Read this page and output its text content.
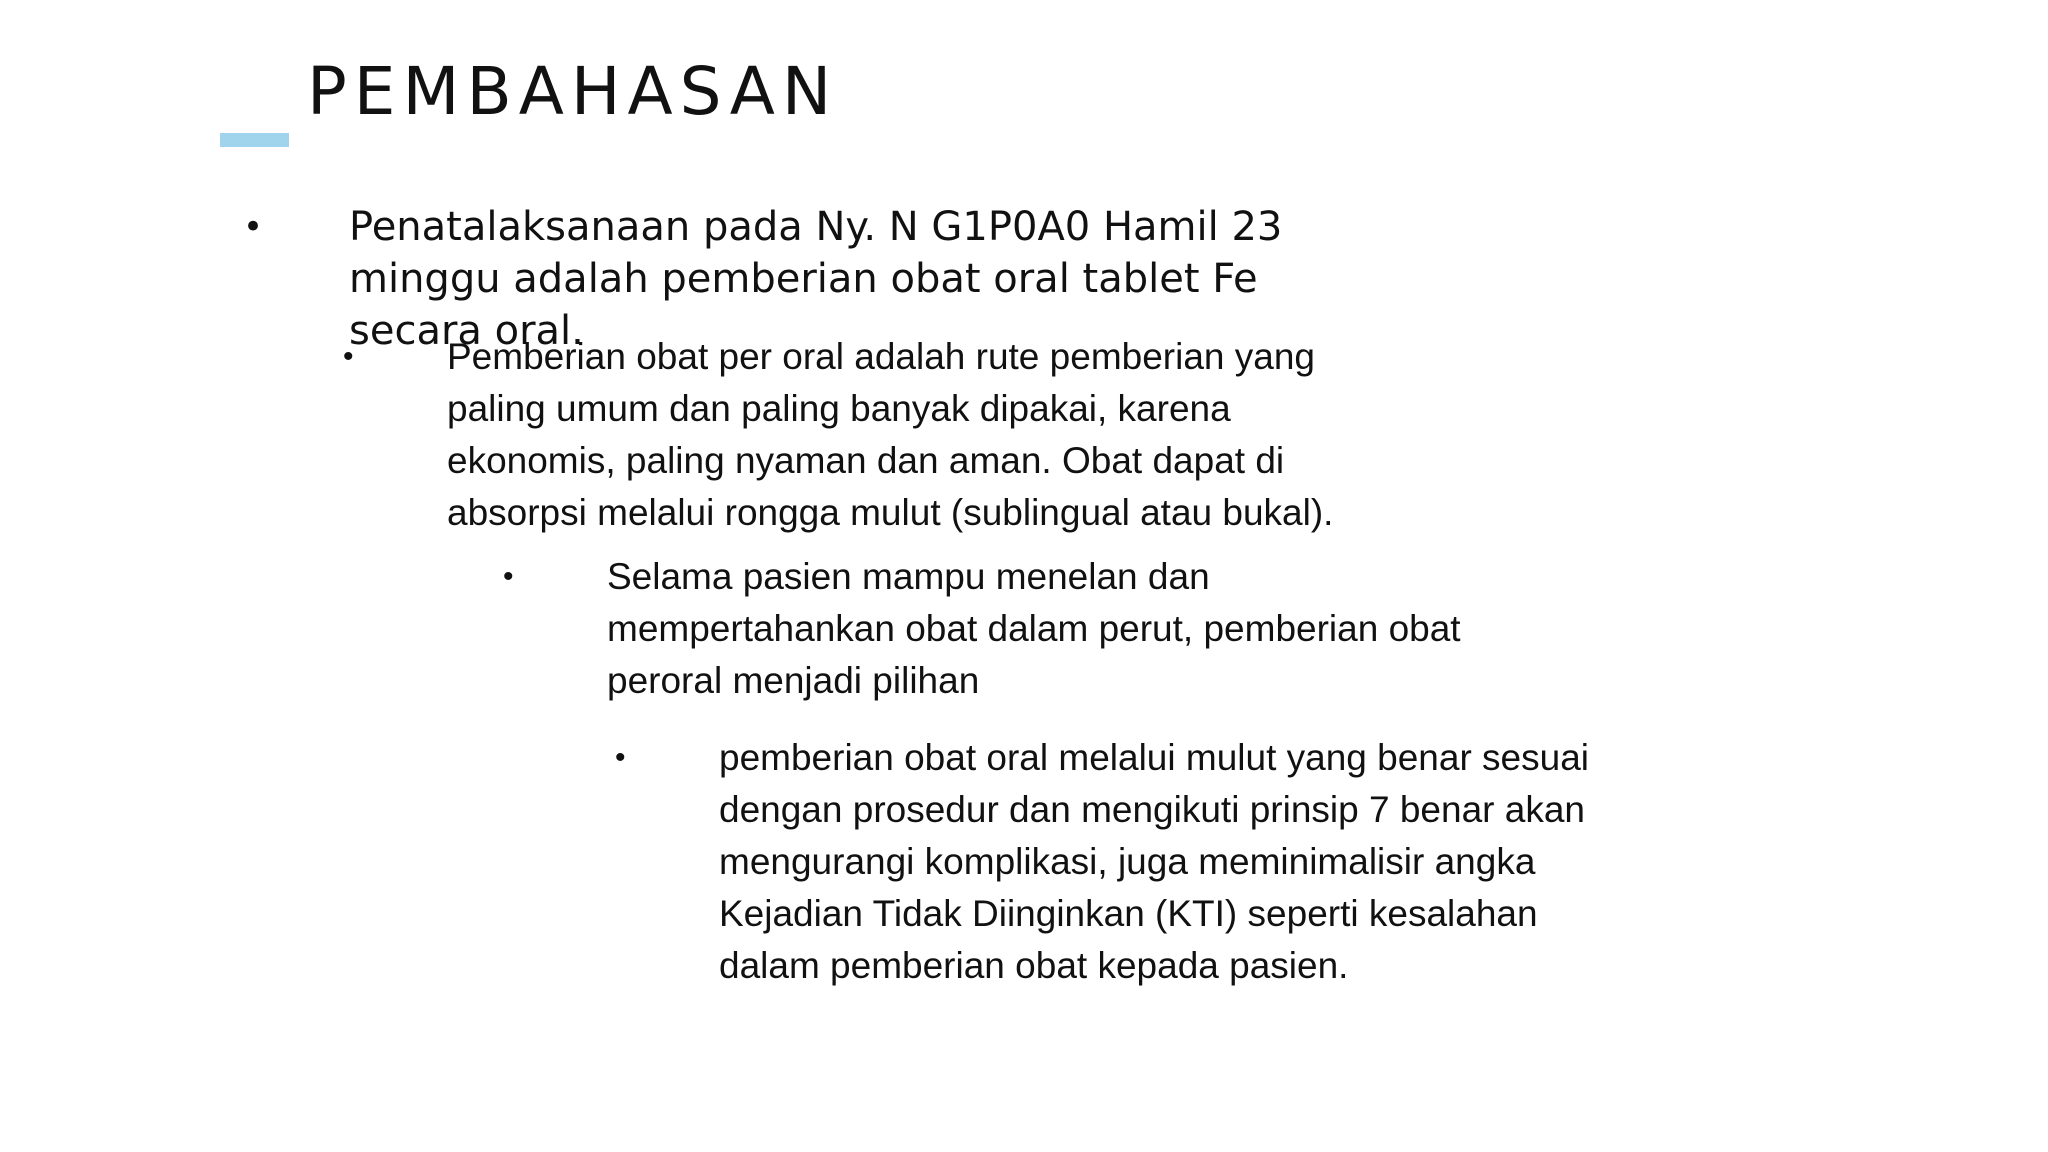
PEMBAHASAN
• Penatalaksanaan pada Ny. N G1P0A0 Hamil 23
minggu adalah pemberian obat oral tablet Fe
secara oral.
•	Pemberian obat per oral adalah rute pemberian yang
paling umum dan paling banyak dipakai, karena
ekonomis, paling nyaman dan aman. Obat dapat di
absorpsi melalui rongga mulut (sublingual atau bukal).
•	Selama pasien mampu menelan dan
mempertahankan obat dalam perut, pemberian obat
peroral menjadi pilihan
•	pemberian obat oral melalui mulut yang benar sesuai
dengan prosedur dan mengikuti prinsip 7 benar akan
mengurangi komplikasi, juga meminimalisir angka
Kejadian Tidak Diinginkan (KTI) seperti kesalahan
dalam pemberian obat kepada pasien.
